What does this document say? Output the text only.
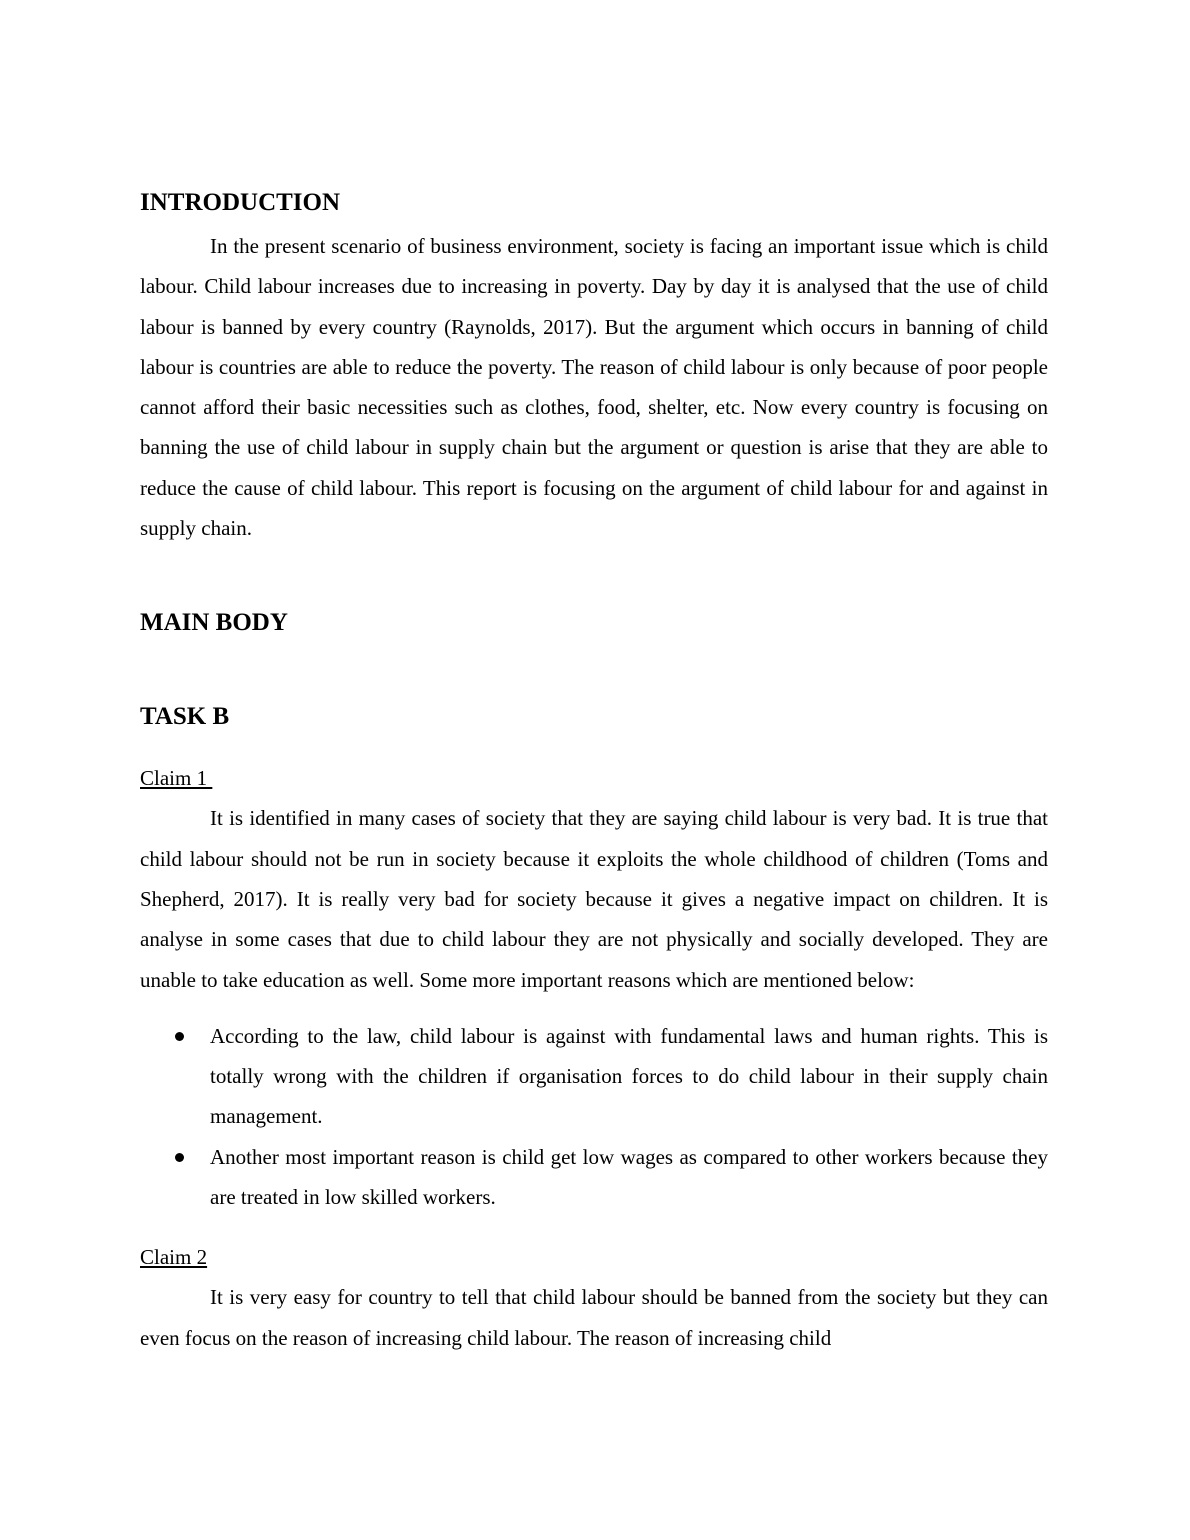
INTRODUCTION

In the present scenario of business environment, society is facing an important issue which is child labour. Child labour increases due to increasing in poverty. Day by day it is analysed that the use of child labour is banned by every country (Raynolds, 2017). But the argument which occurs in banning of child labour is countries are able to reduce the poverty. The reason of child labour is only because of poor people cannot afford their basic necessities such as clothes, food, shelter, etc. Now every country is focusing on banning the use of child labour in supply chain but the argument or question is arise that they are able to reduce the cause of child labour. This report is focusing on the argument of child labour for and against in supply chain.

MAIN BODY
TASK B
Claim 1

It is identified in many cases of society that they are saying child labour is very bad. It is true that child labour should not be run in society because it exploits the whole childhood of children (Toms and Shepherd, 2017). It is really very bad for society because it gives a negative impact on children. It is analyse in some cases that due to child labour they are not physically and socially developed. They are unable to take education as well. Some more important reasons which are mentioned below:

According to the law, child labour is against with fundamental laws and human rights. This is totally wrong with the children if organisation forces to do child labour in their supply chain management.
Another most important reason is child get low wages as compared to other workers because they are treated in low skilled workers.
Claim 2

It is very easy for country to tell that child labour should be banned from the society but they can even focus on the reason of increasing child labour. The reason of increasing child
